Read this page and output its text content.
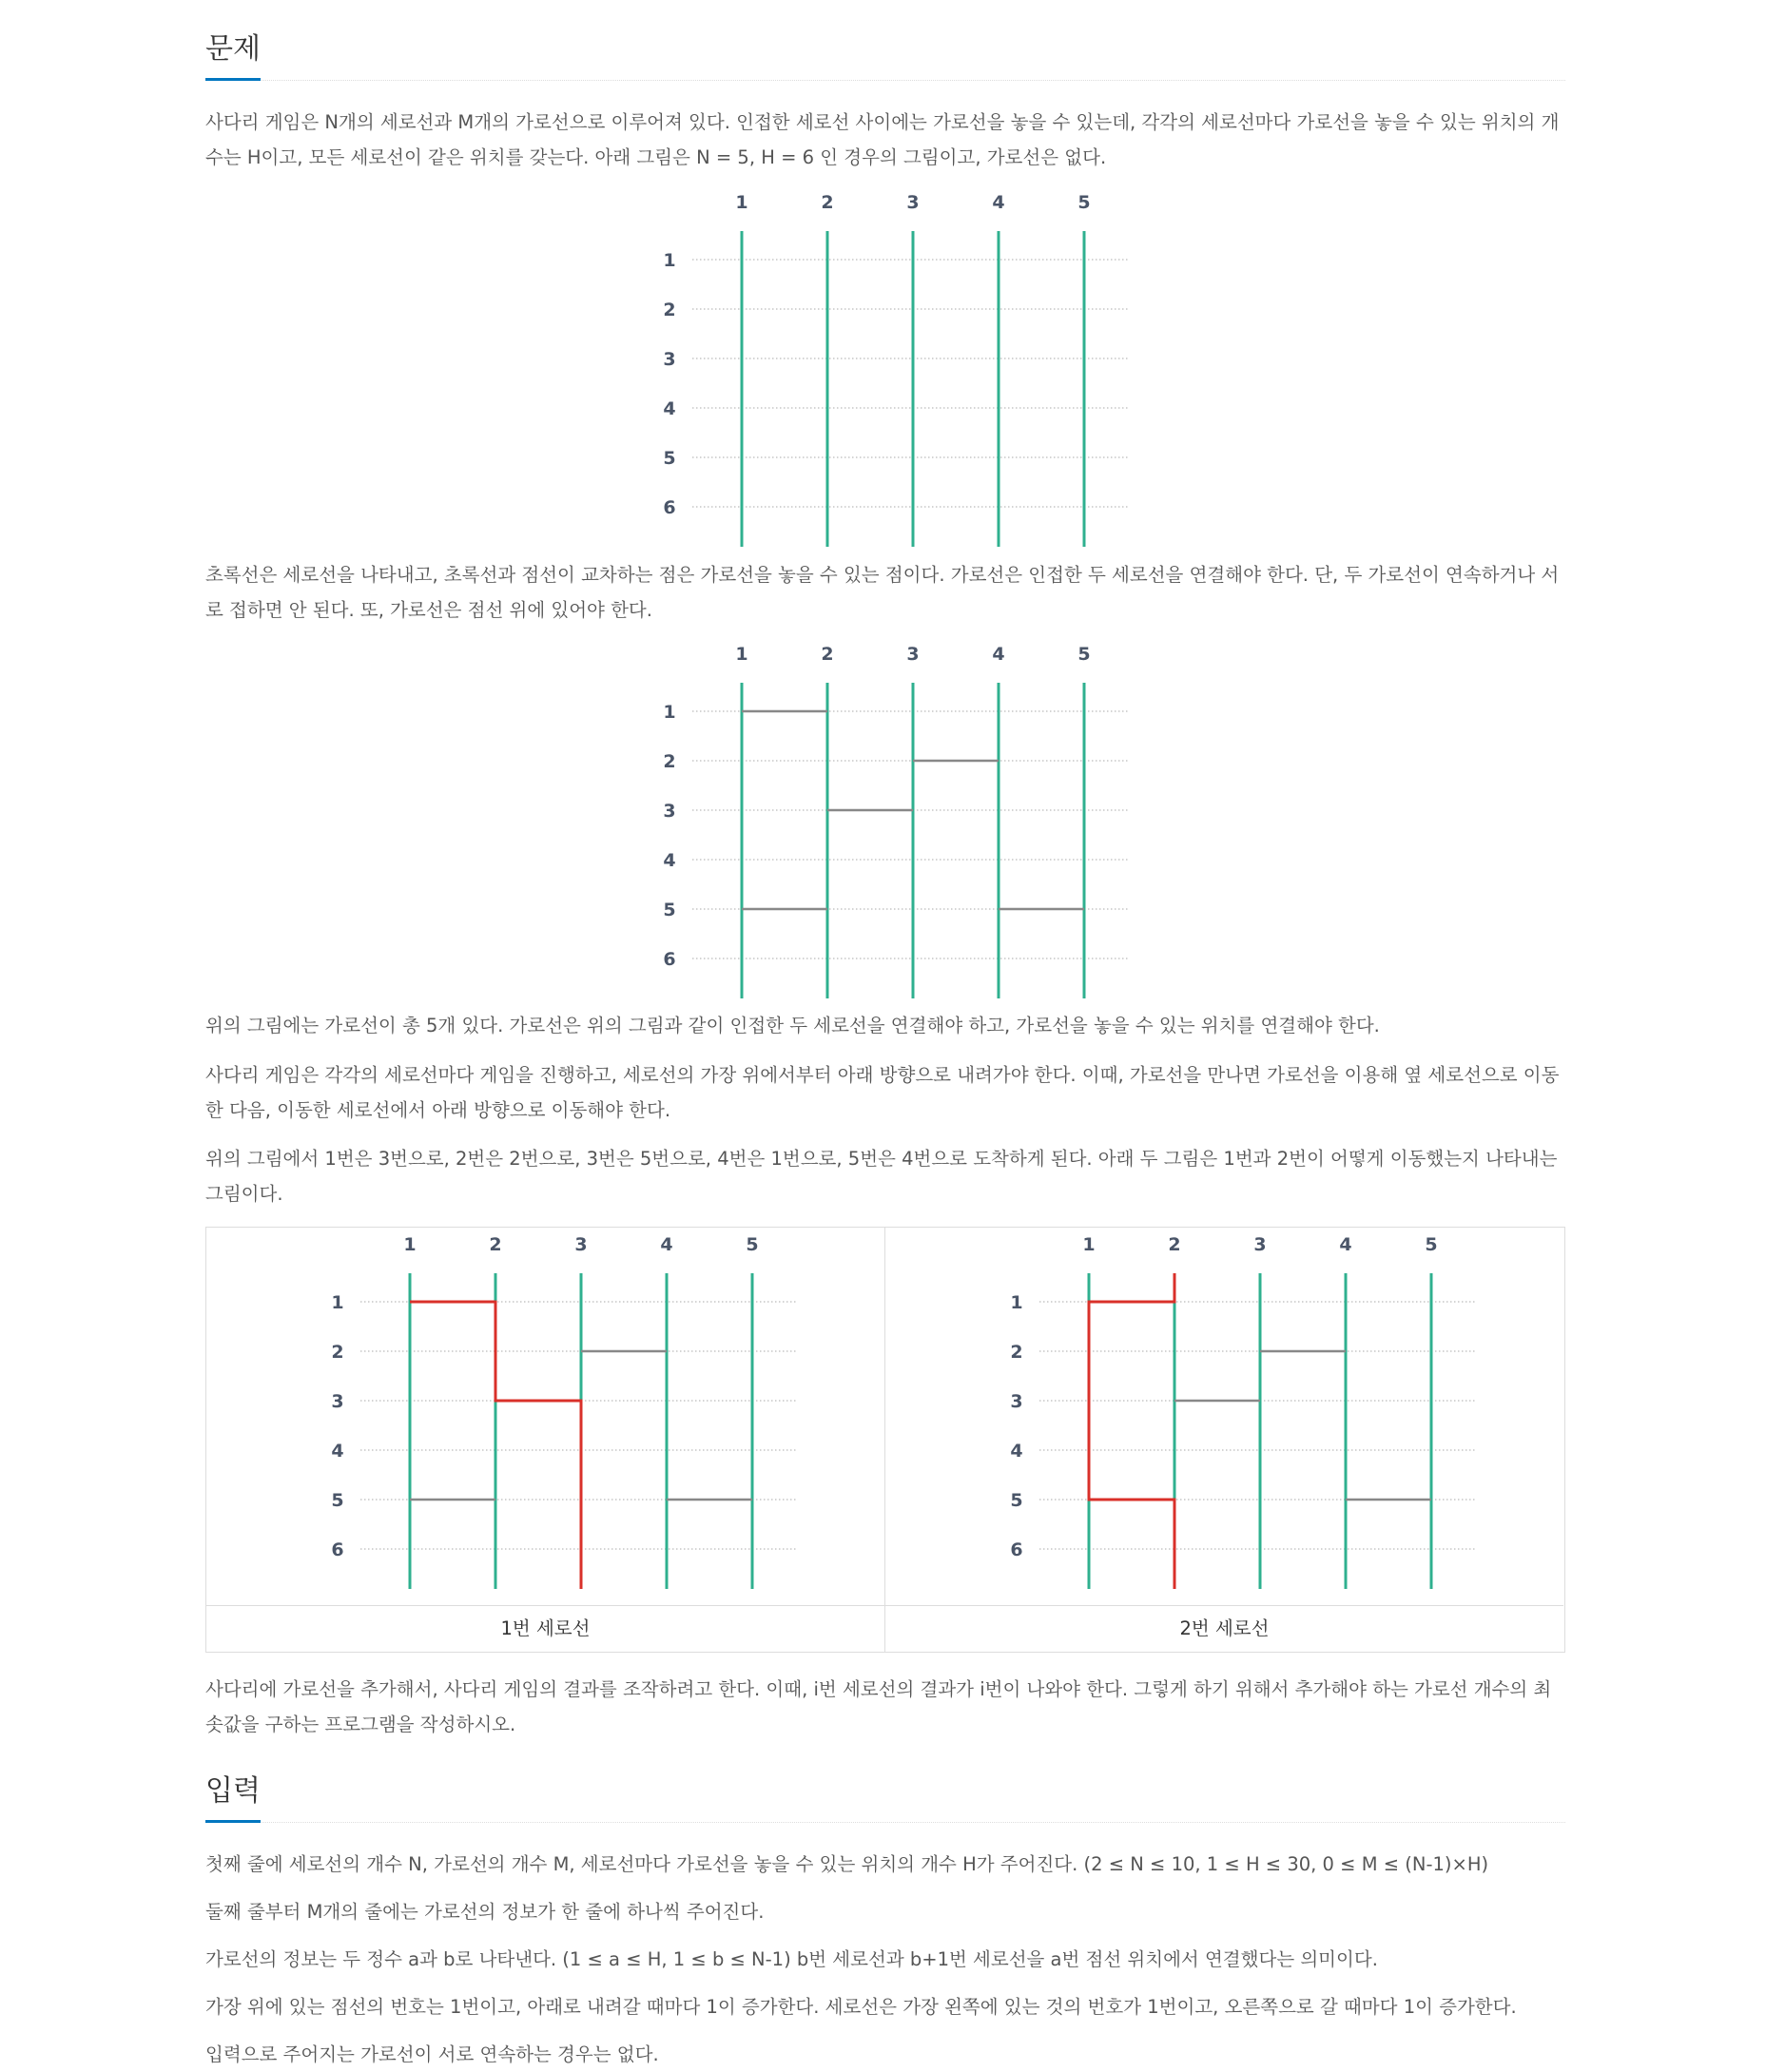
문제

사다리 게임은 N개의 세로선과 M개의 가로선으로 이루어져 있다. 인접한 세로선 사이에는 가로선을 놓을 수 있는데, 각각의 세로선마다 가로선을 놓을 수 있는 위치의 개수는 H이고, 모든 세로선이 같은 위치를 갖는다. 아래 그림은 N = 5, H = 6 인 경우의 그림이고, 가로선은 없다.

1
2
3
4
5
6
1	2	3	4	5

초록선은 세로선을 나타내고, 초록선과 점선이 교차하는 점은 가로선을 놓을 수 있는 점이다. 가로선은 인접한 두 세로선을 연결해야 한다. 단, 두 가로선이 연속하거나 서로 접하면 안 된다. 또, 가로선은 점선 위에 있어야 한다.

1
2
3
4
5
6
1	2	3	4	5

위의 그림에는 가로선이 총 5개 있다. 가로선은 위의 그림과 같이 인접한 두 세로선을 연결해야 하고, 가로선을 놓을 수 있는 위치를 연결해야 한다.

사다리 게임은 각각의 세로선마다 게임을 진행하고, 세로선의 가장 위에서부터 아래 방향으로 내려가야 한다. 이때, 가로선을 만나면 가로선을 이용해 옆 세로선으로 이동한 다음, 이동한 세로선에서 아래 방향으로 이동해야 한다.

위의 그림에서 1번은 3번으로, 2번은 2번으로, 3번은 5번으로, 4번은 1번으로, 5번은 4번으로 도착하게 된다. 아래 두 그림은 1번과 2번이 어떻게 이동했는지 나타내는 그림이다.

1
2
3
4
5
6
1	2	3	4	5
1번 세로선
1
2
3
4
5
6
1	2	3	4	5
2번 세로선

사다리에 가로선을 추가해서, 사다리 게임의 결과를 조작하려고 한다. 이때, i번 세로선의 결과가 i번이 나와야 한다. 그렇게 하기 위해서 추가해야 하는 가로선 개수의 최솟값을 구하는 프로그램을 작성하시오.

입력

첫째 줄에 세로선의 개수 N, 가로선의 개수 M, 세로선마다 가로선을 놓을 수 있는 위치의 개수 H가 주어진다. (2 ≤ N ≤ 10, 1 ≤ H ≤ 30, 0 ≤ M ≤ (N-1)×H)

둘째 줄부터 M개의 줄에는 가로선의 정보가 한 줄에 하나씩 주어진다.

가로선의 정보는 두 정수 a과 b로 나타낸다. (1 ≤ a ≤ H, 1 ≤ b ≤ N-1) b번 세로선과 b+1번 세로선을 a번 점선 위치에서 연결했다는 의미이다.

가장 위에 있는 점선의 번호는 1번이고, 아래로 내려갈 때마다 1이 증가한다. 세로선은 가장 왼쪽에 있는 것의 번호가 1번이고, 오른쪽으로 갈 때마다 1이 증가한다.

입력으로 주어지는 가로선이 서로 연속하는 경우는 없다.
